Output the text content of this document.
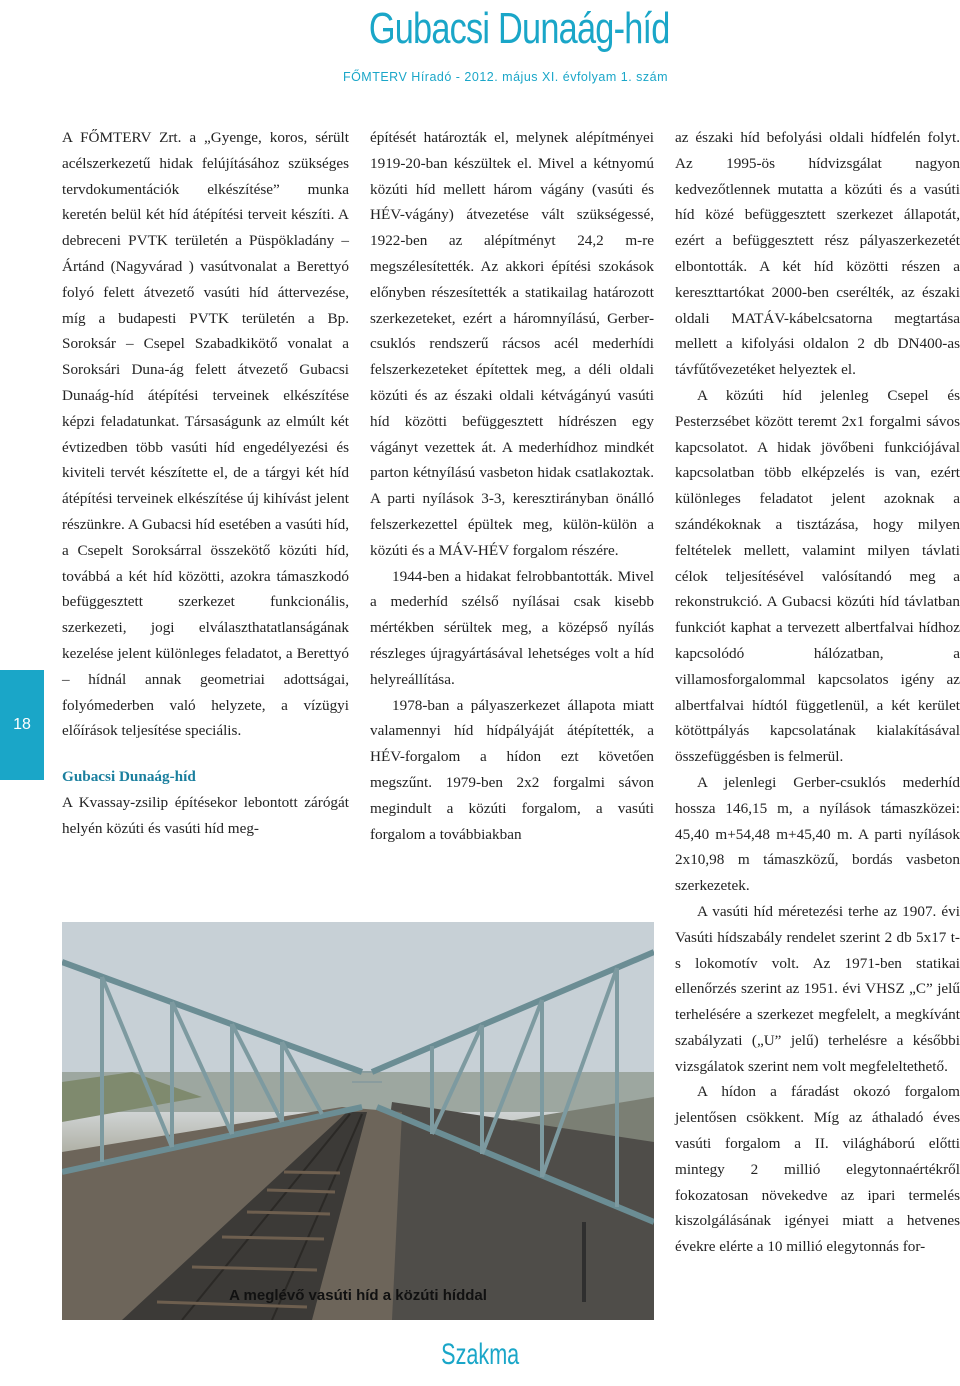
Gubacsi Dunaág-híd
FŐMTERV Híradó - 2012. május XI. évfolyam 1. szám
18

A FŐMTERV Zrt. a „Gyenge, koros, sérült acélszerkezetű hidak felújításához szükséges tervdokumentációk elkészítése” munka keretén belül két híd átépítési terveit készíti. A debreceni PVTK területén a Püspökladány – Ártánd (Nagyvárad ) vasútvonalat a Berettyó folyó felett átvezető vasúti híd áttervezése, míg a budapesti PVTK területén a Bp. Soroksár – Csepel Szabadkikötő vonalat a Soroksári Duna-ág felett átvezető Gubacsi Dunaág-híd átépítési terveinek elkészítése képzi feladatunkat. Társaságunk az elmúlt két évtizedben több vasúti híd engedélyezési és kiviteli tervét készítette el, de a tárgyi két híd átépítési terveinek elkészítése új kihívást jelent részünkre. A Gubacsi híd esetében a vasúti híd, a Csepelt Soroksárral összekötő közúti híd, továbbá a két híd közötti, azokra támaszkodó befüggesztett szerkezet funkcionális, szerkezeti, jogi elválaszthatatlanságának kezelése jelent különleges feladatot, a Berettyó – hídnál annak geometriai adottságai, folyómederben való helyzete, a vízügyi előírások teljesítése speciális.

Gubacsi Dunaág-híd

A Kvassay-zsilip építésekor lebontott zárógát helyén közúti és vasúti híd meg-

építését határozták el, melynek alépítményei 1919-20-ban készültek el. Mivel a kétnyomú közúti híd mellett három vágány (vasúti és HÉV-vágány) átvezetése vált szükségessé, 1922-ben az alépítményt 24,2 m-re megszélesítették. Az akkori építési szokások előnyben részesítették a statikailag határozott szerkezeteket, ezért a háromnyílású, Gerber-csuklós rendszerű rácsos acél mederhídi felszerkezeteket építettek meg, a déli oldali közúti és az északi oldali kétvágányú vasúti híd közötti befüggesztett hídrészen egy vágányt vezettek át. A mederhídhoz mindkét parton kétnyílású vasbeton hidak csatlakoztak. A parti nyílások 3-3, keresztirányban önálló felszerkezettel épültek meg, külön-külön a közúti és a MÁV-HÉV forgalom részére.

1944-ben a hidakat felrobbantották. Mivel a mederhíd szélső nyílásai csak kisebb mértékben sérültek meg, a középső nyílás részleges újragyártásával lehetséges volt a híd helyreállítása.

1978-ban a pályaszerkezet állapota miatt valamennyi híd hídpályáját átépítették, a HÉV-forgalom a hídon ezt követően megszűnt. 1979-ben 2x2 forgalmi sávon megindult a közúti forgalom, a vasúti forgalom a továbbiakban

az északi híd befolyási oldali hídfelén folyt. Az 1995-ös hídvizsgálat nagyon kedvezőtlennek mutatta a közúti és a vasúti híd közé befüggesztett szerkezet állapotát, ezért a befüggesztett rész pályaszerkezetét elbontották. A két híd közötti részen a kereszttartókat 2000-ben cserélték, az északi oldali MATÁV-kábelcsatorna megtartása mellett a kifolyási oldalon 2 db DN400-as távfűtővezetéket helyeztek el.

A közúti híd jelenleg Csepel és Pesterzsébet között teremt 2x1 forgalmi sávos kapcsolatot. A hidak jövőbeni funkciójával kapcsolatban több elképzelés is van, ezért különleges feladatot jelent azoknak a szándékoknak a tisztázása, hogy milyen feltételek mellett, valamint milyen távlati célok teljesítésével valósítandó meg a rekonstrukció. A Gubacsi közúti híd távlatban funkciót kaphat a tervezett albertfalvai hídhoz kapcsolódó hálózatban, a villamosforgalommal kapcsolatos igény az albertfalvai hídtól függetlenül, a két kerület kötöttpályás kapcsolatának kialakításával összefüggésben is felmerül.

A jelenlegi Gerber-csuklós mederhíd hossza 146,15 m, a nyílások támaszközei: 45,40 m+54,48 m+45,40 m. A parti nyílások 2x10,98 m támaszközű, bordás vasbeton szerkezetek.

A vasúti híd méretezési terhe az 1907. évi Vasúti hídszabály rendelet szerint 2 db 5x17 t-s lokomotív volt. Az 1971-ben statikai ellenőrzés szerint az 1951. évi VHSZ „C” jelű terhelésére a szerkezet megfelelt, a megkívánt szabályzati („U” jelű) terhelésre a későbbi vizsgálatok szerint nem volt megfeleltethető.

A hídon a fáradást okozó forgalom jelentősen csökkent. Míg az áthaladó éves vasúti forgalom a II. világháború előtti mintegy 2 millió elegytonnaértékről fokozatosan növekedve az ipari termelés kiszolgálásának igényei miatt a hetvenes évekre elérte a 10 millió elegytonnás for-

A meglévő vasúti híd a közúti híddal
Szakma
